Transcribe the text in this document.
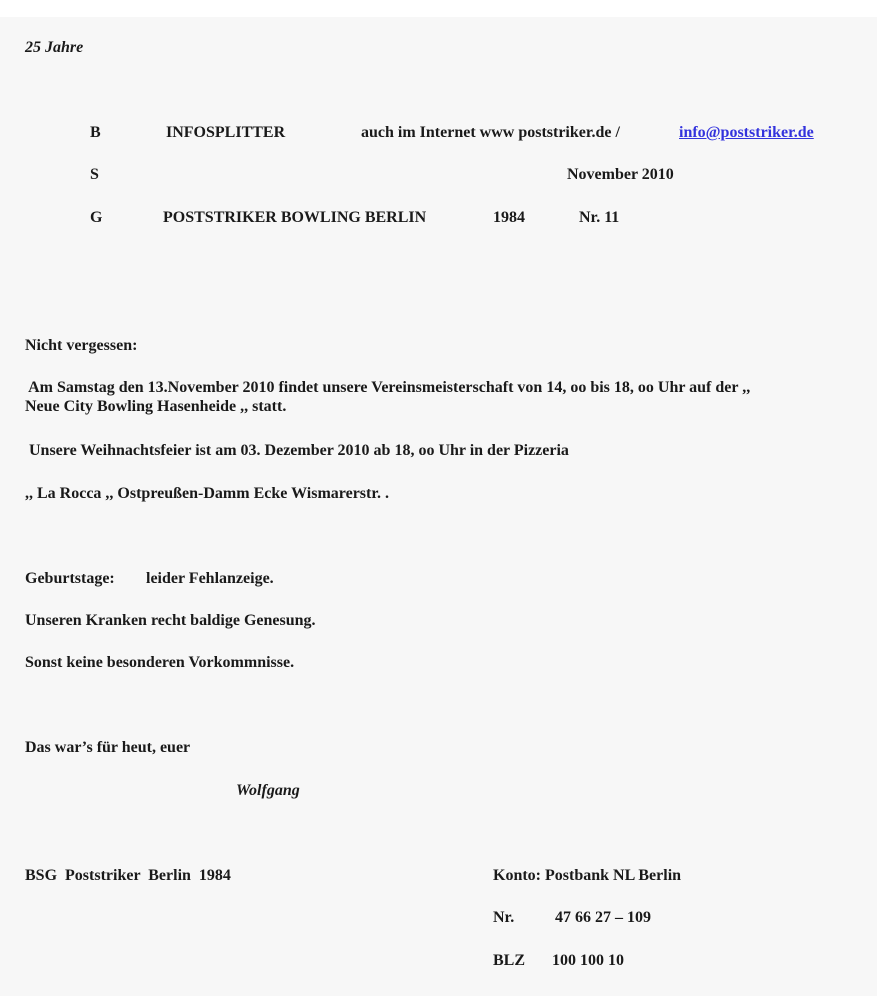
25 Jahre
B	INFOSPLITTER	auch im Internet www poststriker.de /	info@poststriker.de
S	November 2010
G	POSTSTRIKER BOWLING BERLIN	1984	Nr. 11
Nicht vergessen:
Am Samstag den 13.November 2010 findet unsere Vereinsmeisterschaft von 14, oo bis 18, oo Uhr auf der ,,
Neue City Bowling Hasenheide ,, statt.
Unsere Weihnachtsfeier ist am 03. Dezember 2010 ab 18, oo Uhr in der Pizzeria
,, La Rocca ,, Ostpreußen-Damm Ecke Wismarerstr. .
Geburtstage: leider Fehlanzeige.
Unseren Kranken recht baldige Genesung.
Sonst keine besonderen Vorkommnisse.
Das war’s für heut, euer
Wolfgang
BSG  Poststriker  Berlin  1984	Konto: Postbank NL Berlin
Nr.	47 66 27 – 109
BLZ 100 100 10
